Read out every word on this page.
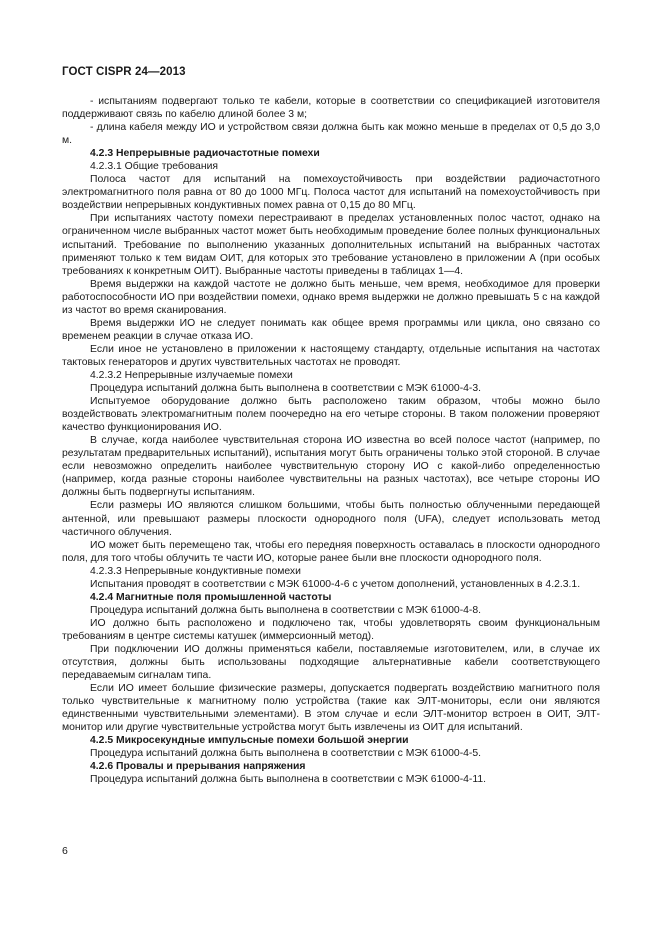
ГОСТ CISPR 24—2013

- испытаниям подвергают только те кабели, которые в соответствии со спецификацией изготовителя поддерживают связь по кабелю длиной более 3 м;

- длина кабеля между ИО и устройством связи должна быть как можно меньше в пределах от 0,5 до 3,0 м.

4.2.3 Непрерывные радиочастотные помехи

4.2.3.1 Общие требования

Полоса частот для испытаний на помехоустойчивость при воздействии радиочастотного электромагнитного поля равна от 80 до 1000 МГц. Полоса частот для испытаний на помехоустойчивость при воздействии непрерывных кондуктивных помех равна от 0,15 до 80 МГц.

При испытаниях частоту помехи перестраивают в пределах установленных полос частот, однако на ограниченном числе выбранных частот может быть необходимым проведение более полных функциональных испытаний. Требование по выполнению указанных дополнительных испытаний на выбранных частотах применяют только к тем видам ОИТ, для которых это требование установлено в приложении А (при особых требованиях к конкретным ОИТ). Выбранные частоты приведены в таблицах 1—4.

Время выдержки на каждой частоте не должно быть меньше, чем время, необходимое для проверки работоспособности ИО при воздействии помехи, однако время выдержки не должно превышать 5 с на каждой из частот во время сканирования.

Время выдержки ИО не следует понимать как общее время программы или цикла, оно связано со временем реакции в случае отказа ИО.

Если иное не установлено в приложении к настоящему стандарту, отдельные испытания на частотах тактовых генераторов и других чувствительных частотах не проводят.

4.2.3.2 Непрерывные излучаемые помехи

Процедура испытаний должна быть выполнена в соответствии с МЭК 61000-4-3.

Испытуемое оборудование должно быть расположено таким образом, чтобы можно было воздействовать электромагнитным полем поочередно на его четыре стороны. В таком положении проверяют качество функционирования ИО.

В случае, когда наиболее чувствительная сторона ИО известна во всей полосе частот (например, по результатам предварительных испытаний), испытания могут быть ограничены только этой стороной. В случае если невозможно определить наиболее чувствительную сторону ИО с какой-либо определенностью (например, когда разные стороны наиболее чувствительны на разных частотах), все четыре стороны ИО должны быть подвергнуты испытаниям.

Если размеры ИО являются слишком большими, чтобы быть полностью облученными передающей антенной, или превышают размеры плоскости однородного поля (UFA), следует использовать метод частичного облучения.

ИО может быть перемещено так, чтобы его передняя поверхность оставалась в плоскости однородного поля, для того чтобы облучить те части ИО, которые ранее были вне плоскости однородного поля.

4.2.3.3 Непрерывные кондуктивные помехи

Испытания проводят в соответствии с МЭК 61000-4-6 с учетом дополнений, установленных в 4.2.3.1.

4.2.4 Магнитные поля промышленной частоты

Процедура испытаний должна быть выполнена в соответствии с МЭК 61000-4-8.

ИО должно быть расположено и подключено так, чтобы удовлетворять своим функциональным требованиям в центре системы катушек (иммерсионный метод).

При подключении ИО должны применяться кабели, поставляемые изготовителем, или, в случае их отсутствия, должны быть использованы подходящие альтернативные кабели соответствующего передаваемым сигналам типа.

Если ИО имеет большие физические размеры, допускается подвергать воздействию магнитного поля только чувствительные к магнитному полю устройства (такие как ЭЛТ-мониторы, если они являются единственными чувствительными элементами). В этом случае и если ЭЛТ-монитор встроен в ОИТ, ЭЛТ-монитор или другие чувствительные устройства могут быть извлечены из ОИТ для испытаний.

4.2.5 Микросекундные импульсные помехи большой энергии

Процедура испытаний должна быть выполнена в соответствии с МЭК 61000-4-5.

4.2.6 Провалы и прерывания напряжения

Процедура испытаний должна быть выполнена в соответствии с МЭК 61000-4-11.

6
